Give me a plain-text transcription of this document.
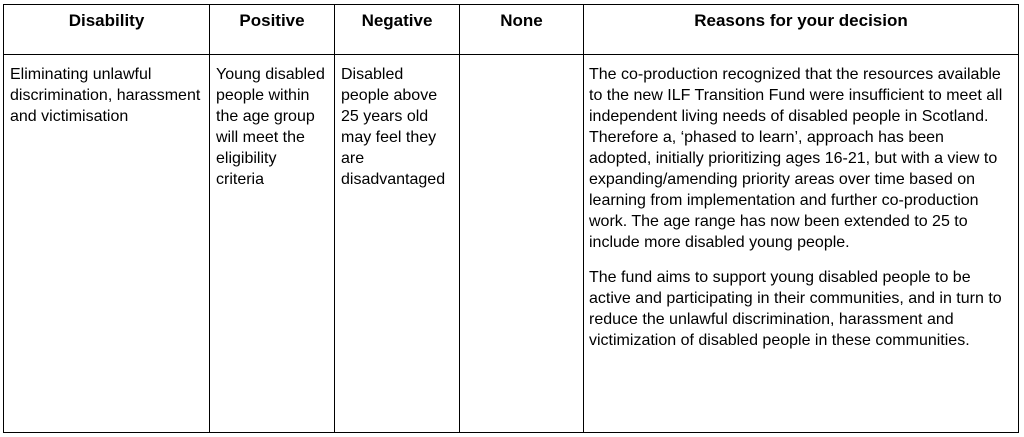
Disability	Positive	Negative	None	Reasons for your decision
Eliminating unlawful discrimination, harassment and victimisation	Young disabled people within the age group will meet the eligibility criteria	Disabled people above 25 years old may feel they are disadvantaged		The co-production recognized that the resources available to the new ILF Transition Fund were insufficient to meet all independent living needs of disabled people in Scotland. Therefore a, ‘phased to learn’, approach has been adopted, initially prioritizing ages 16-21, but with a view to expanding/amending priority areas over time based on learning from implementation and further co-production work. The age range has now been extended to 25 to include more disabled young people.

The fund aims to support young disabled people to be active and participating in their communities, and in turn to reduce the unlawful discrimination, harassment and victimization of disabled people in these communities.
